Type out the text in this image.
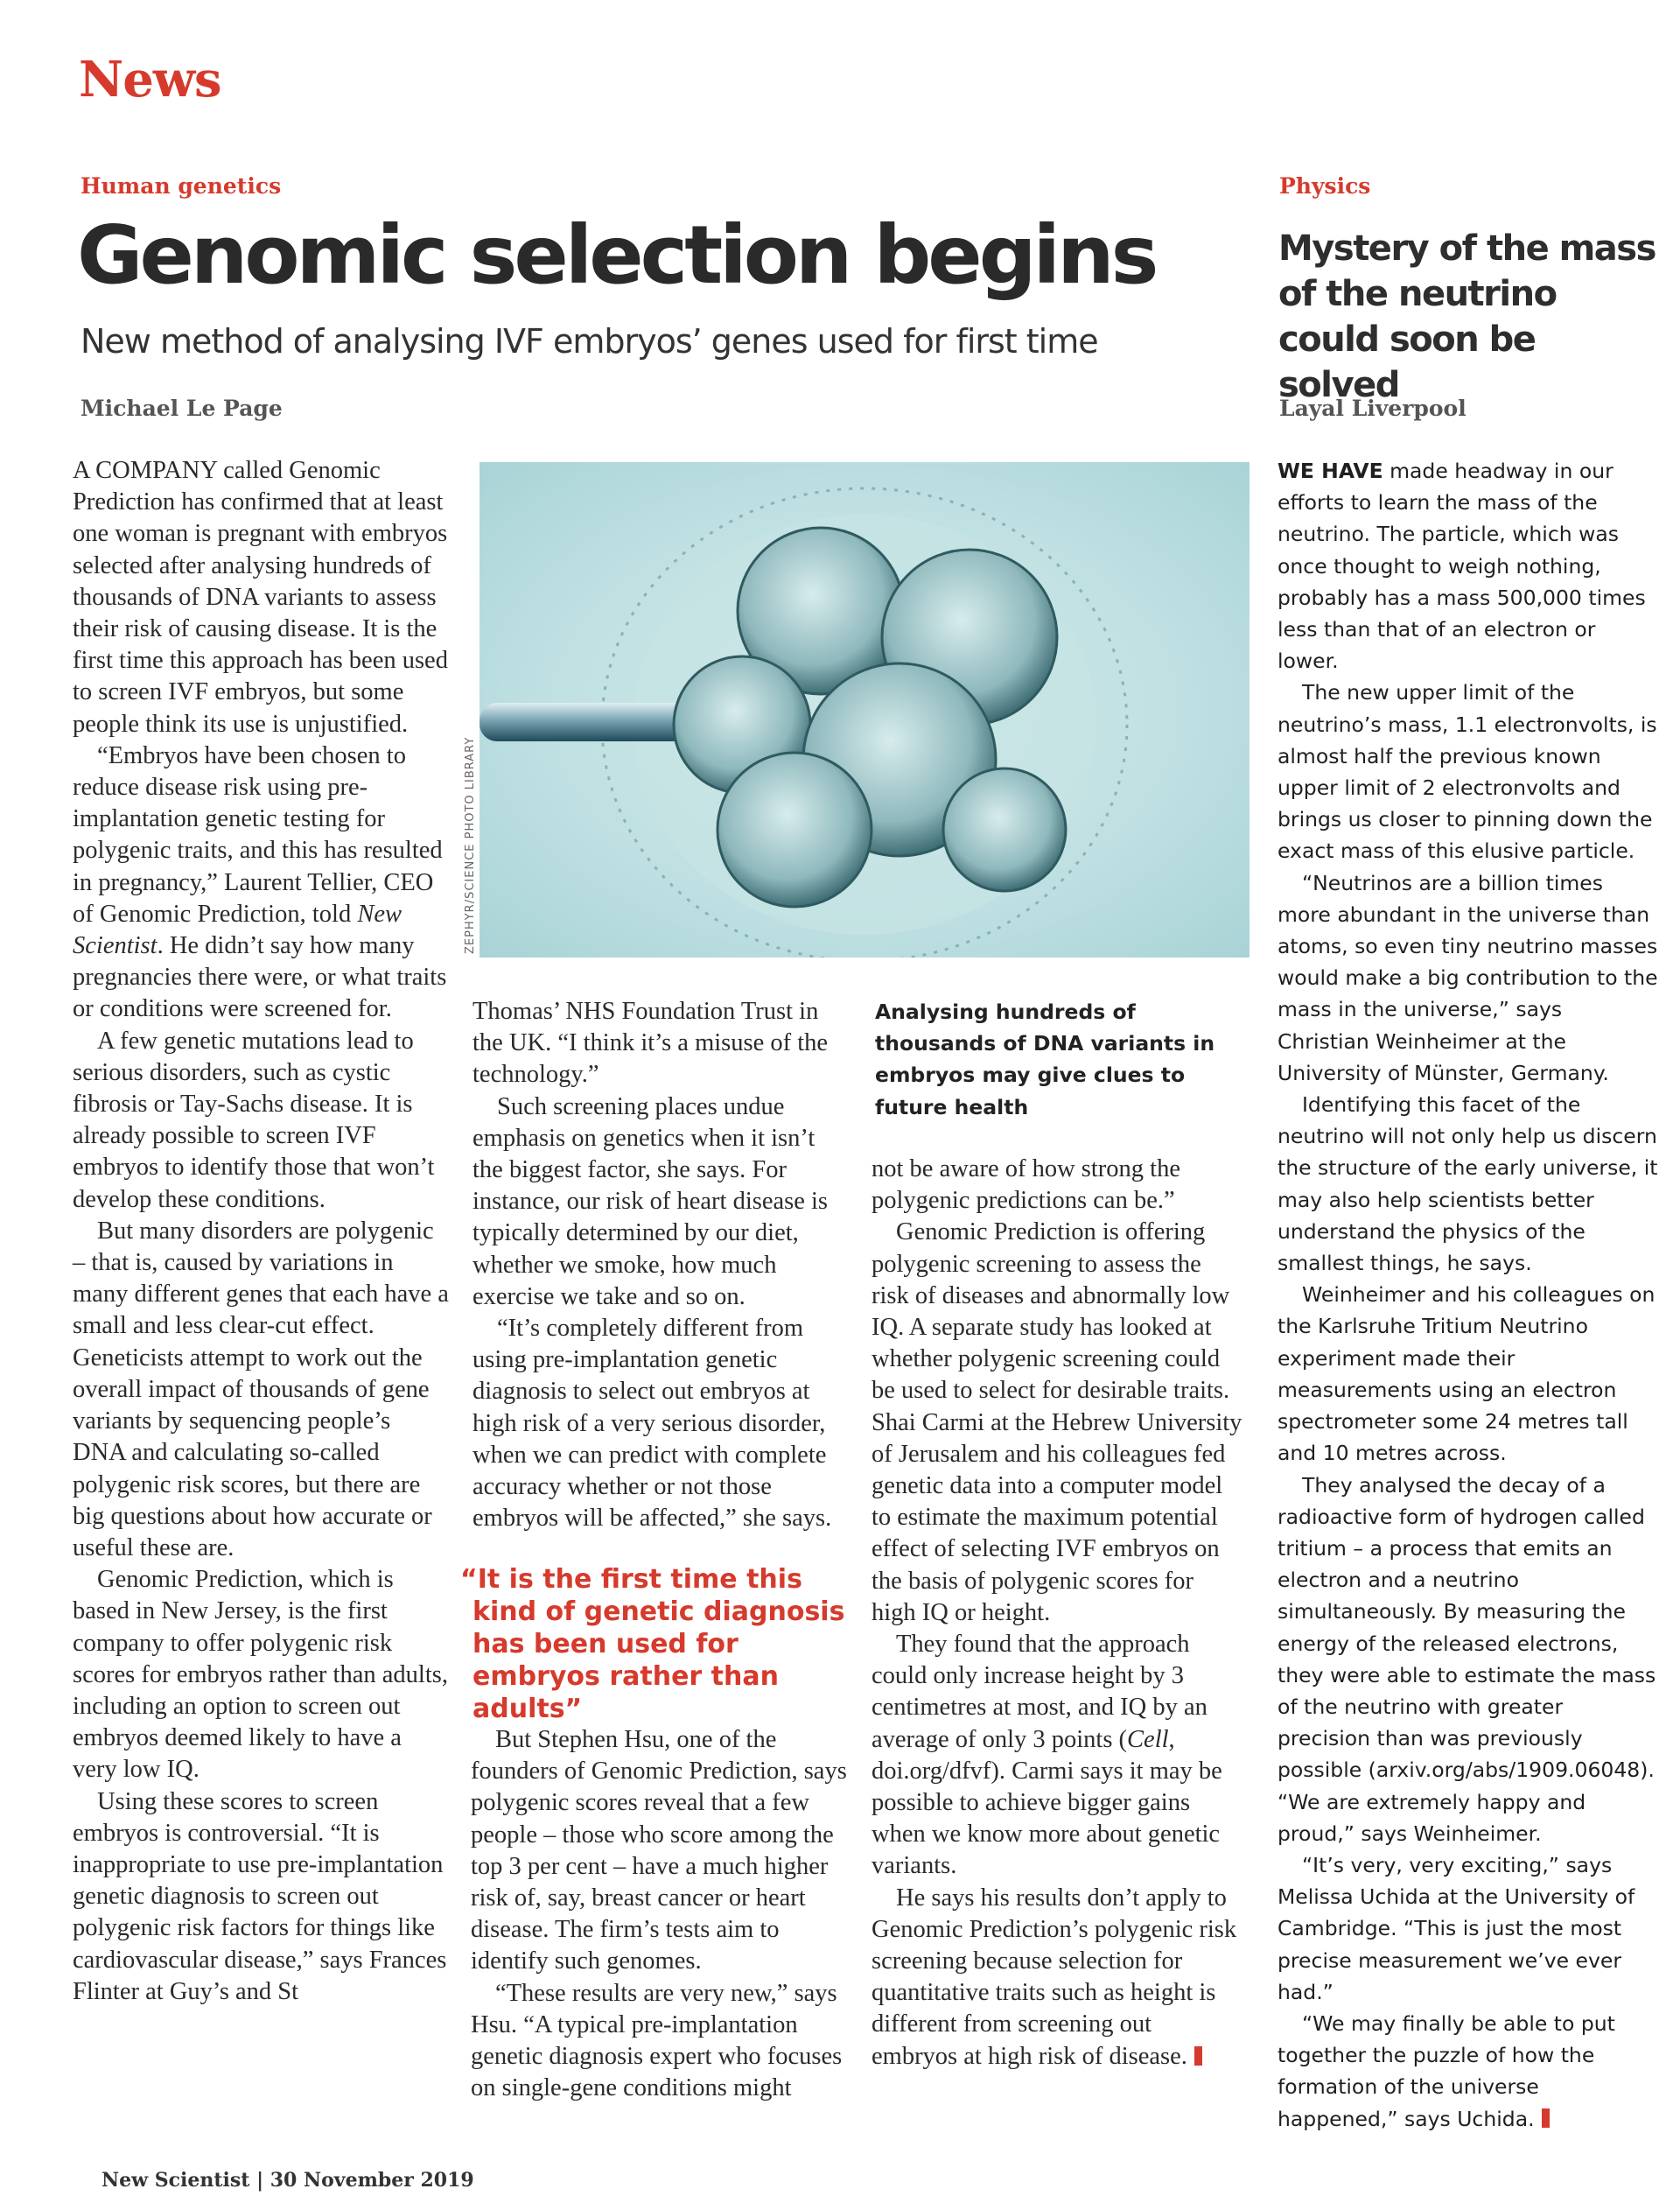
News
Human genetics
Genomic selection begins
New method of analysing IVF embryos’ genes used for first time
Michael Le Page
ZEPHYR/SCIENCE PHOTO LIBRARY

A COMPANY called Genomic Prediction has confirmed that at least one woman is pregnant with embryos selected after analysing hundreds of thousands of DNA variants to assess their risk of causing disease. It is the first time this approach has been used to screen IVF embryos, but some people think its use is unjustified.

“Embryos have been chosen to reduce disease risk using pre-implantation genetic testing for polygenic traits, and this has resulted in pregnancy,” Laurent Tellier, CEO of Genomic Prediction, told New Scientist. He didn’t say how many pregnancies there were, or what traits or conditions were screened for.

A few genetic mutations lead to serious disorders, such as cystic fibrosis or Tay-Sachs disease. It is already possible to screen IVF embryos to identify those that won’t develop these conditions.

But many disorders are polygenic – that is, caused by variations in many different genes that each have a small and less clear-cut effect. Geneticists attempt to work out the overall impact of thousands of gene variants by sequencing people’s DNA and calculating so-called polygenic risk scores, but there are big questions about how accurate or useful these are.

Genomic Prediction, which is based in New Jersey, is the first company to offer polygenic risk scores for embryos rather than adults, including an option to screen out embryos deemed likely to have a very low IQ.

Using these scores to screen embryos is controversial. “It is inappropriate to use pre-implantation genetic diagnosis to screen out polygenic risk factors for things like cardiovascular disease,” says Frances Flinter at Guy’s and St

Thomas’ NHS Foundation Trust in the UK. “I think it’s a misuse of the technology.”

Such screening places undue emphasis on genetics when it isn’t the biggest factor, she says. For instance, our risk of heart disease is typically determined by our diet, whether we smoke, how much exercise we take and so on.

“It’s completely different from using pre-implantation genetic diagnosis to select out embryos at high risk of a very serious disorder, when we can predict with complete accuracy whether or not those embryos will be affected,” she says.

“It is the first time this kind of genetic diagnosis has been used for embryos rather than adults”

But Stephen Hsu, one of the founders of Genomic Prediction, says polygenic scores reveal that a few people – those who score among the top 3 per cent – have a much higher risk of, say, breast cancer or heart disease. The firm’s tests aim to identify such genomes.

“These results are very new,” says Hsu. “A typical pre-implantation genetic diagnosis expert who focuses on single-gene conditions might

Analysing hundreds of thousands of DNA variants in embryos may give clues to future health

not be aware of how strong the polygenic predictions can be.”

Genomic Prediction is offering polygenic screening to assess the risk of diseases and abnormally low IQ. A separate study has looked at whether polygenic screening could be used to select for desirable traits. Shai Carmi at the Hebrew University of Jerusalem and his colleagues fed genetic data into a computer model to estimate the maximum potential effect of selecting IVF embryos on the basis of polygenic scores for high IQ or height.

They found that the approach could only increase height by 3 centimetres at most, and IQ by an average of only 3 points (Cell, doi.org/dfvf). Carmi says it may be possible to achieve bigger gains when we know more about genetic variants.

He says his results don’t apply to Genomic Prediction’s polygenic risk screening because selection for quantitative traits such as height is different from screening out embryos at high risk of disease.

Physics
Mystery of the mass of the neutrino could soon be solved
Layal Liverpool

WE HAVE made headway in our efforts to learn the mass of the neutrino. The particle, which was once thought to weigh nothing, probably has a mass 500,000 times less than that of an electron or lower.

The new upper limit of the neutrino’s mass, 1.1 electronvolts, is almost half the previous known upper limit of 2 electronvolts and brings us closer to pinning down the exact mass of this elusive particle.

“Neutrinos are a billion times more abundant in the universe than atoms, so even tiny neutrino masses would make a big contribution to the mass in the universe,” says Christian Weinheimer at the University of Münster, Germany.

Identifying this facet of the neutrino will not only help us discern the structure of the early universe, it may also help scientists better understand the physics of the smallest things, he says.

Weinheimer and his colleagues on the Karlsruhe Tritium Neutrino experiment made their measurements using an electron spectrometer some 24 metres tall and 10 metres across.

They analysed the decay of a radioactive form of hydrogen called tritium – a process that emits an electron and a neutrino simultaneously. By measuring the energy of the released electrons, they were able to estimate the mass of the neutrino with greater precision than was previously possible (arxiv.org/abs/1909.06048). “We are extremely happy and proud,” says Weinheimer.

“It’s very, very exciting,” says Melissa Uchida at the University of Cambridge. “This is just the most precise measurement we’ve ever had.”

“We may finally be able to put together the puzzle of how the formation of the universe happened,” says Uchida.

New Scientist | 30 November 2019
